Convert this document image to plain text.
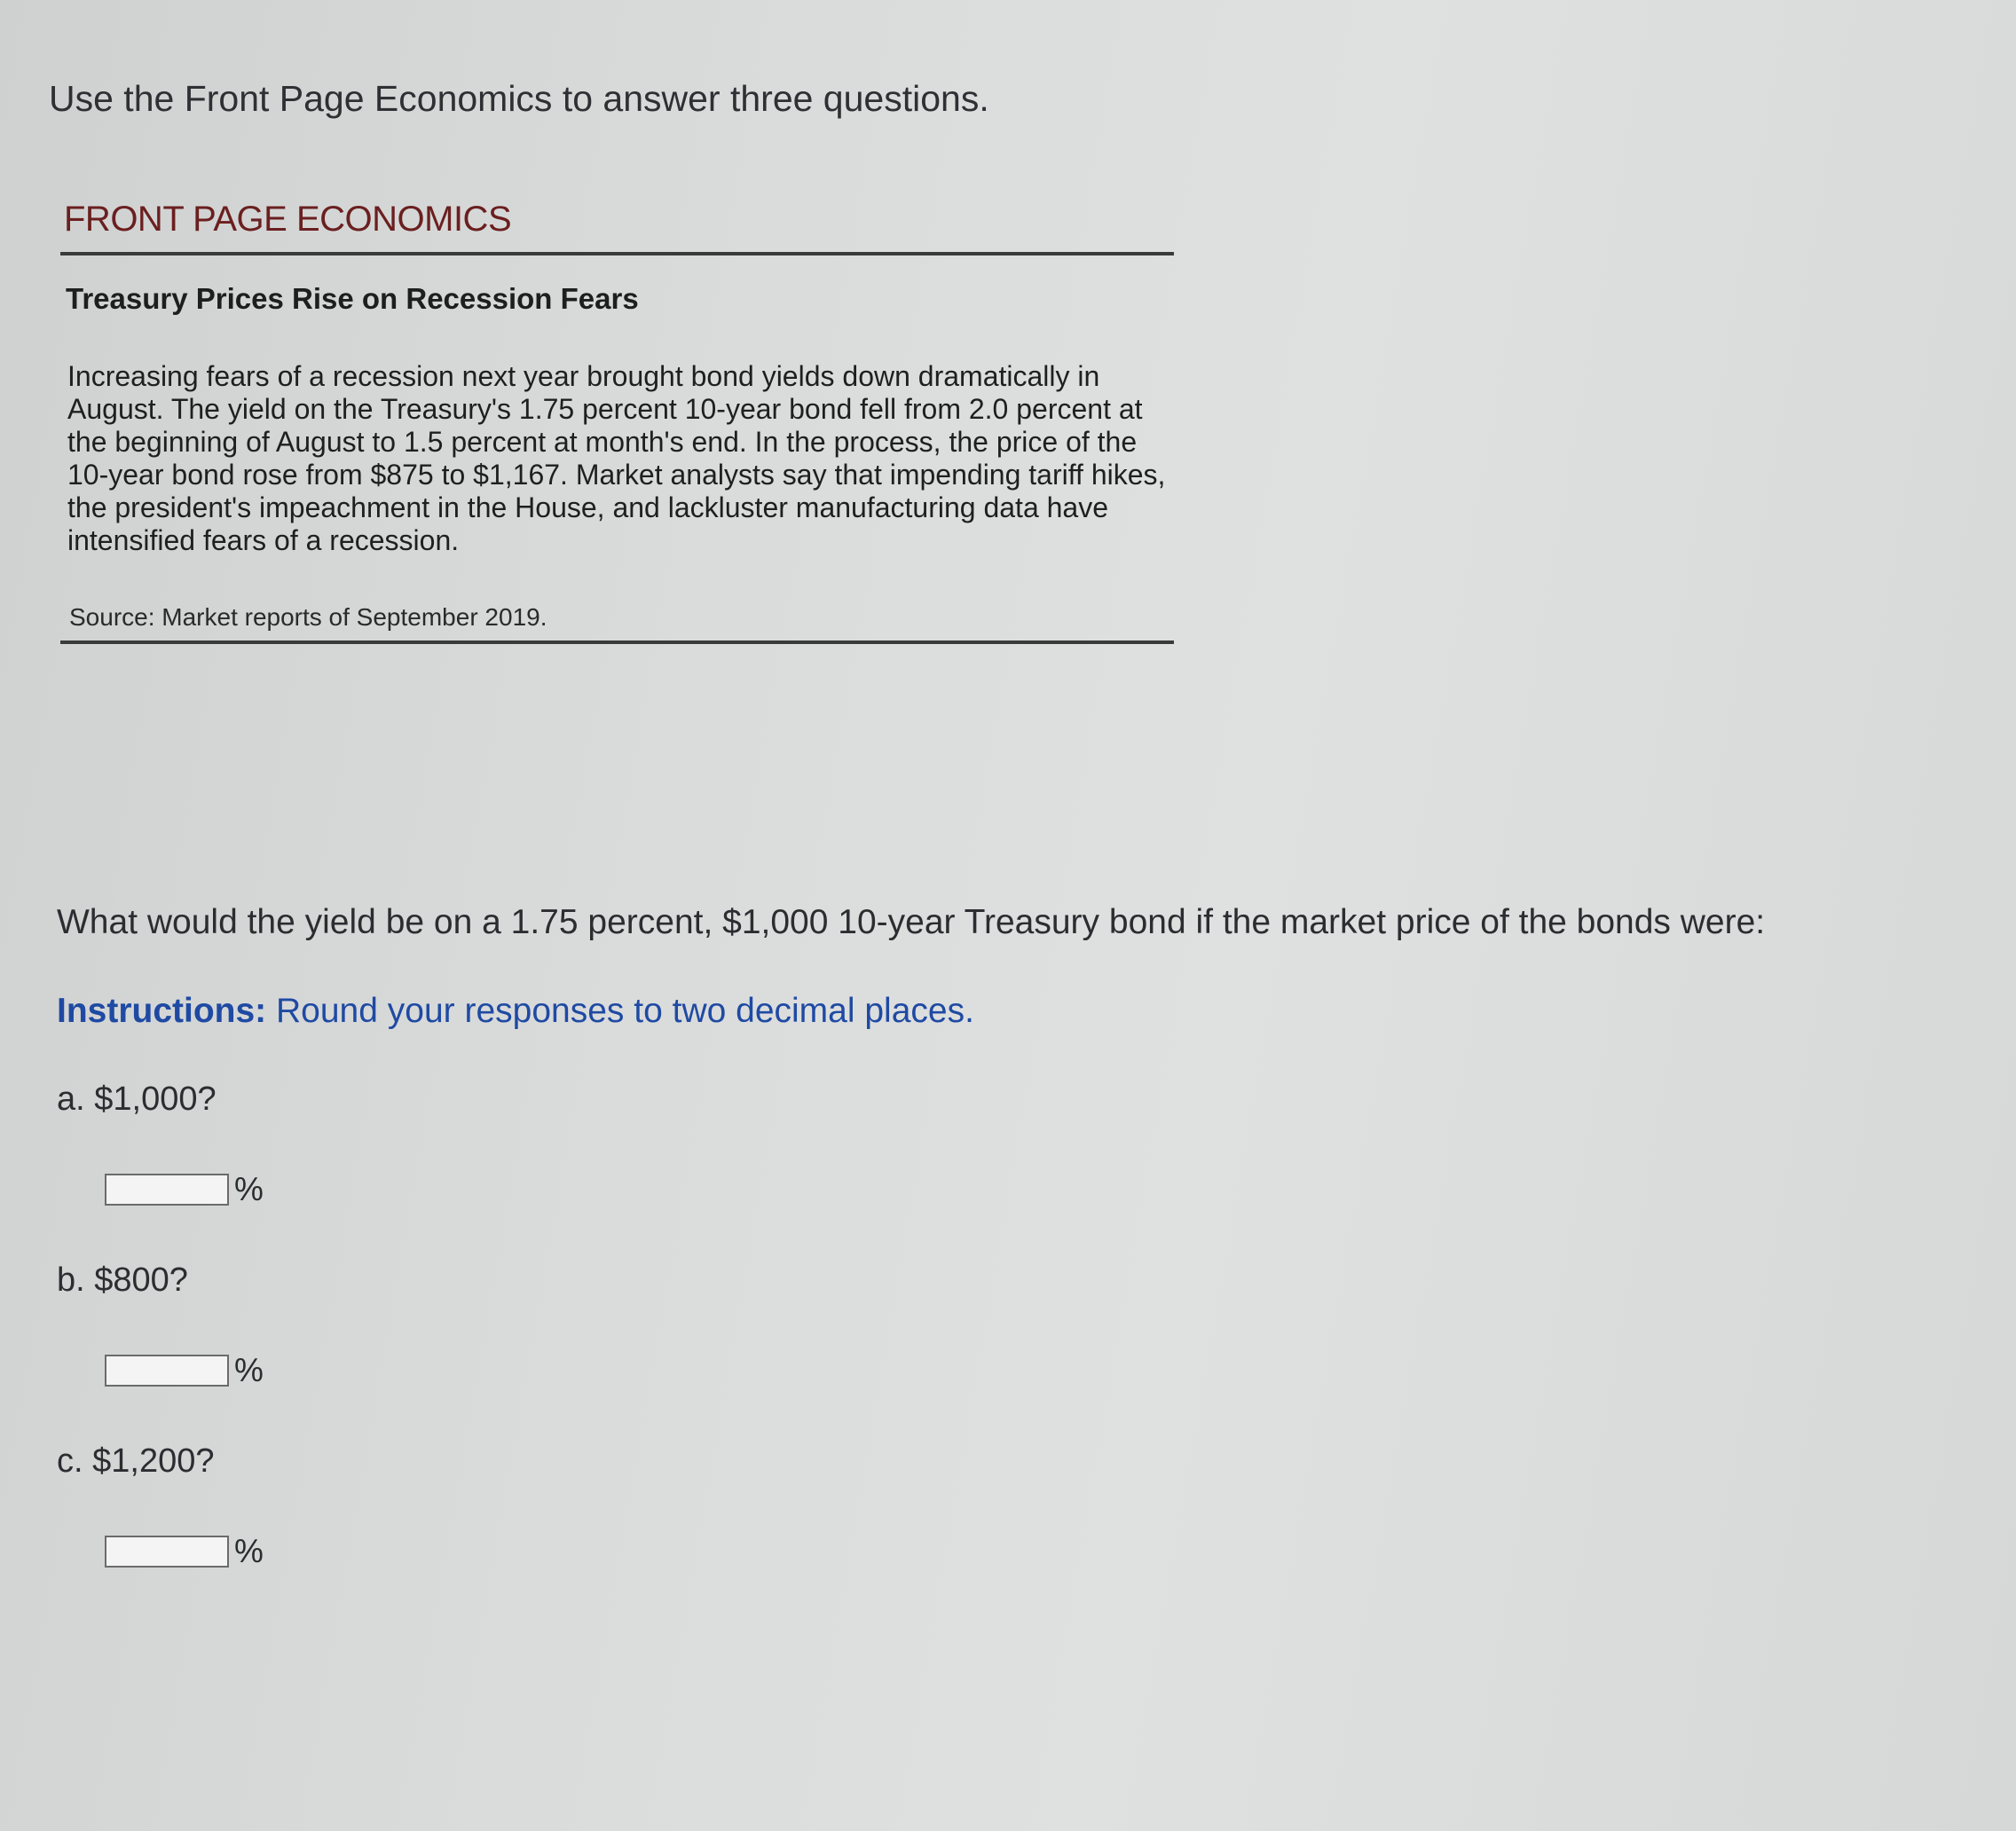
Use the Front Page Economics to answer three questions.
FRONT PAGE ECONOMICS
Treasury Prices Rise on Recession Fears
Increasing fears of a recession next year brought bond yields down dramatically in August. The yield on the Treasury's 1.75 percent 10-year bond fell from 2.0 percent at the beginning of August to 1.5 percent at month's end. In the process, the price of the 10-year bond rose from $875 to $1,167. Market analysts say that impending tariff hikes, the president's impeachment in the House, and lackluster manufacturing data have intensified fears of a recession.
Source: Market reports of September 2019.
What would the yield be on a 1.75 percent, $1,000 10-year Treasury bond if the market price of the bonds were:
Instructions: Round your responses to two decimal places.
a. $1,000?
%
b. $800?
%
c. $1,200?
%
